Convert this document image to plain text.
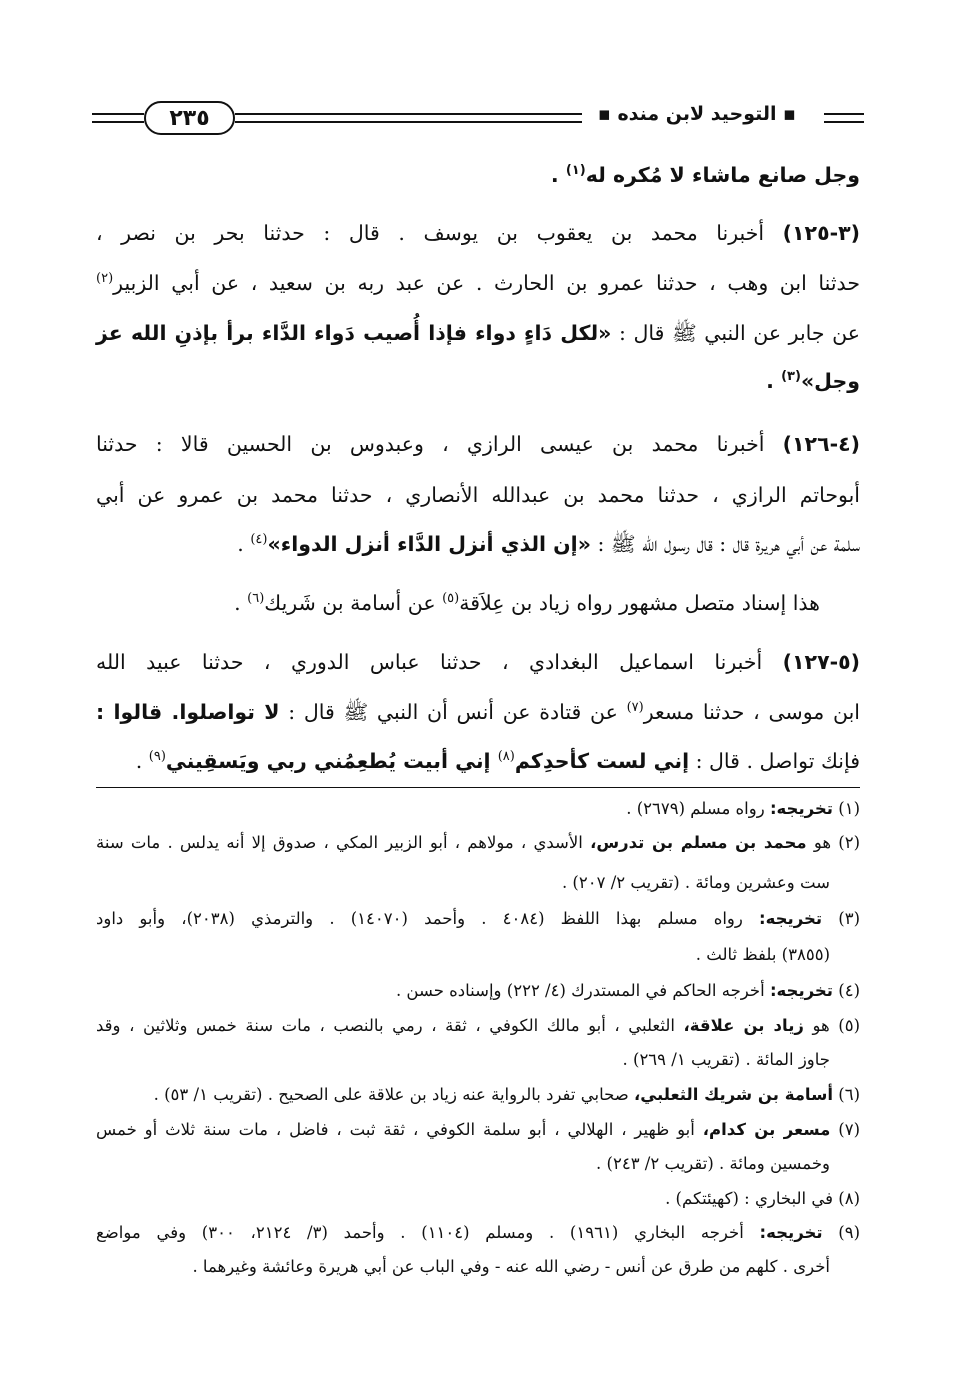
▪ التوحيد لابن منده ▪
٢٣٥
وجل صانع ماشاء لا مُكره له$^{(١)}$ .
(٣-١٢٥) أخبرنا محمد بن يعقوب بن يوسف . قال : حدثنا بحر بن نصر ،
حدثنا ابن وهب ، حدثنا عمرو بن الحارث . عن عبد ربه بن سعيد ، عن أبي الزبير$^{(٢)}$
عن جابر عن النبي ﷺ قال : «لكل دَاءٍ دواء فإذا أُصيب دَواء الدَّاء برأ بإذنِ الله عز
وجل»$^{(٣)}$ .
(٤-١٢٦) أخبرنا محمد بن عيسى الرازي ، وعبدوس بن الحسين قالا : حدثنا
أبوحاتم الرازي ، حدثنا محمد بن عبدالله الأنصاري ، حدثنا محمد بن عمرو عن أبي
سلمة عن أبي هريرة قال : قال رسول الله ﷺ : «إن الذي أنزل الدَّاء أنزل الدواء»$^{(٤)}$ .
هذا إسناد متصل مشهور رواه زياد بن عِلاَقة$^{(٥)}$ عن أسامة بن شَريك$^{(٦)}$ .
(٥-١٢٧) أخبرنا اسماعيل البغدادي ، حدثنا عباس الدوري ، حدثنا عبيد الله
ابن موسى ، حدثنا مسعر$^{(٧)}$ عن قتادة عن أنس أن النبي ﷺ قال : لا تواصلوا. قالوا :
فإنك تواصل . قال : إني لست كأحدِكم$^{(٨)}$ إني أبيت يُطعِمُني ربي ويَسقِيني$^{(٩)}$ .
(١) تخريجه: رواه مسلم (٢٦٧٩) .
(٢) هو محمد بن مسلم بن تدرس، الأسدي ، مولاهم ، أبو الزبير المكي ، صدوق إلا أنه يدلس . مات سنة
ست وعشرين ومائة . (تقريب ٢/ ٢٠٧) .
(٣) تخريجه: رواه مسلم بهذا اللفظ (٤٠٨٤ . وأحمد (١٤٠٧٠) . والترمذي (٢٠٣٨)، وأبو داود
(٣٨٥٥) بلفظ ثالث .
(٤) تخريجه: أخرجه الحاكم في المستدرك (٤/ ٢٢٢) وإسناده حسن .
(٥) هو زياد بن علاقة، الثعلبي ، أبو مالك الكوفي ، ثقة ، رمي بالنصب ، مات سنة خمس وثلاثين ، وقد
جاوز المائة . (تقريب ١/ ٢٦٩) .
(٦) أسامة بن شريك الثعلبي، صحابي تفرد بالرواية عنه زياد بن علاقة على الصحيح . (تقريب ١/ ٥٣) .
(٧) مسعر بن كدام، أبو ظهير ، الهلالي ، أبو سلمة الكوفي ، ثقة ثبت ، فاضل ، مات سنة ثلاث أو خمس
وخمسين ومائة . (تقريب ٢/ ٢٤٣) .
(٨) في البخاري : (كهيئتكم) .
(٩) تخريجه: أخرجه البخاري (١٩٦١) . ومسلم (١١٠٤) . وأحمد (٣/ ٢١٢٤، ٣٠٠) وفي مواضع
أخرى . كلهم من طرق عن أنس - رضي الله عنه - وفي الباب عن أبي هريرة وعائشة وغيرهما .
